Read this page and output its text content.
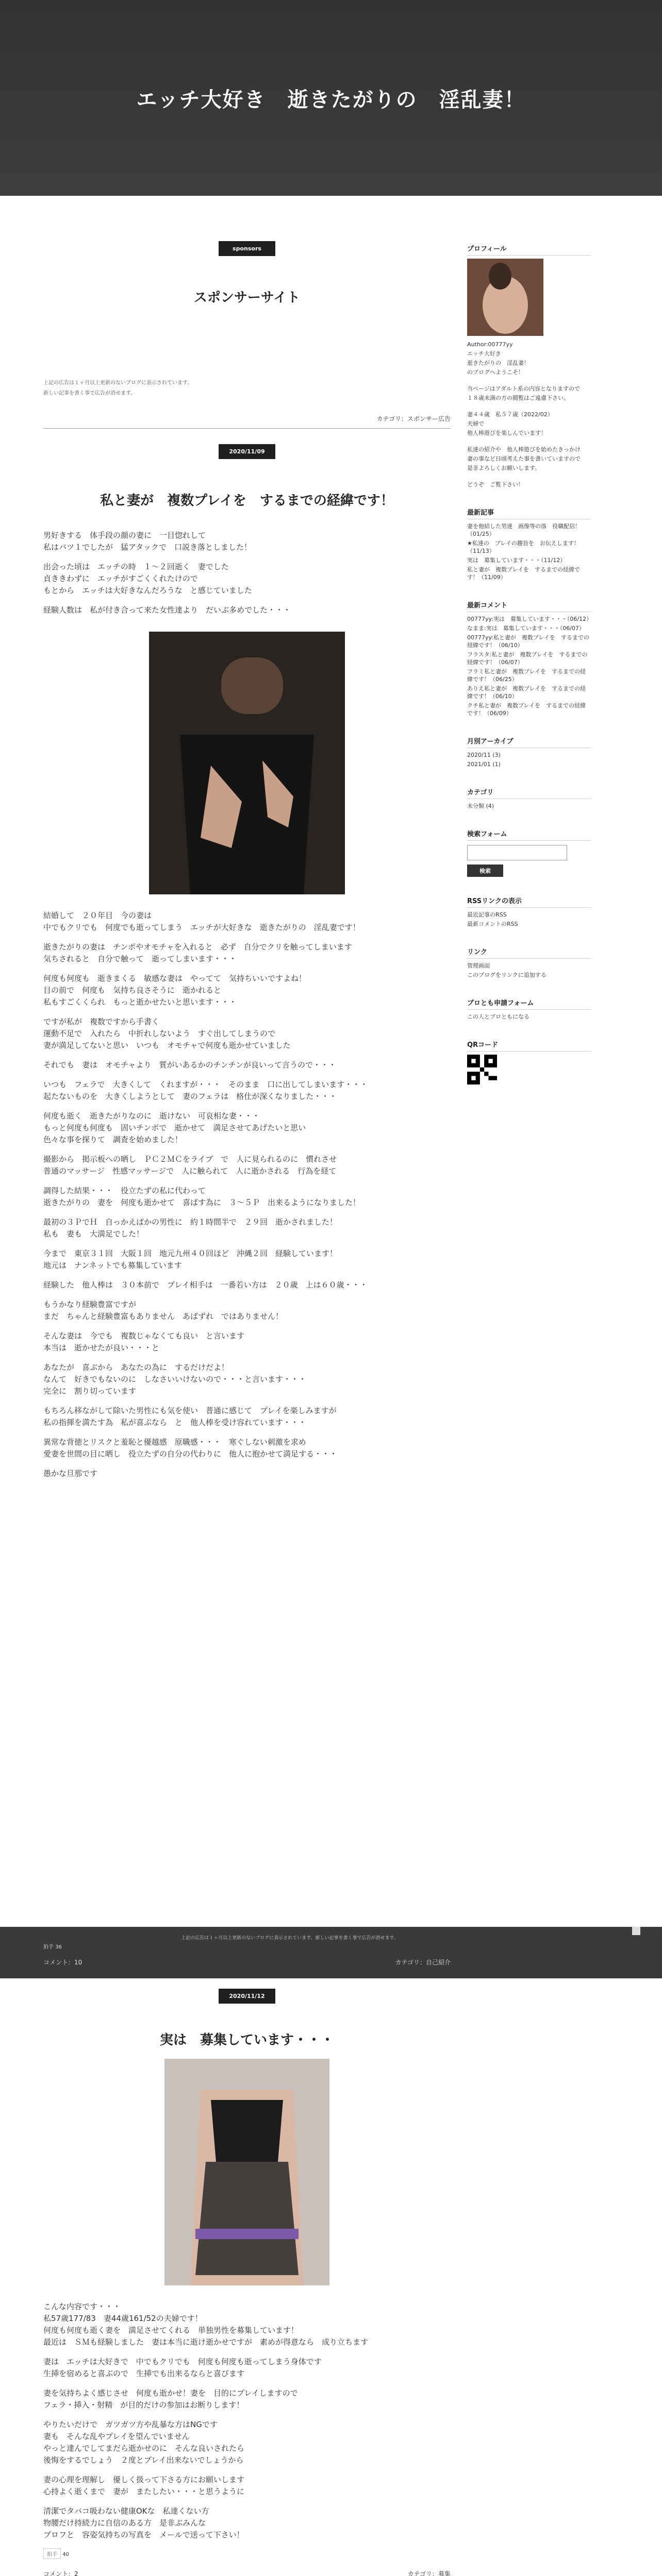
エッチ大好き　逝きたがりの　淫乱妻！
sponsors
スポンサーサイト
上記の広告は１ヶ月以上更新のないブログに表示されています。
新しい記事を書く事で広告が消せます。
カテゴリ：スポンサー広告
2020/11/09
私と妻が　複数プレイを　するまでの経緯です！
男好きする　体手段の顔の妻に　一目惚れして
私はバツ１でしたが　猛アタックで　口説き落としました！
出会った頃は　エッチの時　１～２回逝く　妻でした
貞ききわずに　エッチがすごくくれたけので
もとから　エッチは大好きなんだろうな　と感じていました
経験人数は　私が付き合って来た女性達より　だいぶ多めでした・・・
結婚して　２０年目　今の妻は
中でもクリでも　何度でも逝ってしまう　エッチが大好きな　逝きたがりの　淫乱妻です！
逝きたがりの妻は　チンポやオモチャを入れると　必ず　自分でクリを触ってしまいます
気ちされると　自分で触って　逝ってしまいます・・・
何度も何度も　逝きまくる　敏感な妻は　やってて　気持ちいいですよね！
目の前で　何度も　気持ち良さそうに　逝かれると
私もすごくくられ　もっと逝かせたいと思います・・・
ですが私が　複数ですから手書く
運動不足で　入れたら　中折れしないよう　すぐ出してしまうので
妻が満足してないと思い　いつも　オモチャで何度も逝かせていました
それでも　妻は　オモチャより　質がいあるかのチンチンが良いって言うので・・・
いつも　フェラで　大きくして　くれますが・・・　そのまま　口に出してしまいます・・・
起たないものを　大きくしようとして　妻のフェラは　格仕が深くなりました・・・
何度も逝く　逝きたがりなのに　逝けない　可哀相な妻・・・
もっと何度も何度も　固いチンポで　逝かせて　満足させてあげたいと思い
色々な事を探りて　調査を始めました！
撮影から　掲示板への晒し　ＰＣ２ＭＣをライブ　で　人に見られるのに　慣れさせ
普通のマッサージ　性感マッサージで　人に触られて　人に逝かされる　行為を経て
調得した結果・・・　役立たずの私に代わって
逝きたがりの　妻を　何度も逝かせて　喜ばす為に　３～５Ｐ　出来るようになりました！
最初の３ＰでＨ　自っかえばかの男性に　約１時間半で　２９回　逝かされました！
私も　妻も　大満足でした！
今まで　東京３１回　大阪１回　地元九州４０回ほど　沖縄２回　経験しています！
地元は　ナンネットでも募集しています
経験した　他人棒は　３０本前で　プレイ相手は　一番若い方は　２０歳　上は６０歳・・・
もうかなり経験豊富ですが
まだ　ちゃんと経験豊富もありません　あばずれ　ではありません！
そんな妻は　今でも　複数じゃなくても良い　と言います
本当は　逝かせたが良い・・・と
あなたが　喜ぶから　あなたの為に　するだけだよ！
なんて　好きでもないのに　しなさいいけないので・・・と言います・・・
完全に　割り切っています
もちろん移ながして除いた男性にも気を使い　普通に感じて　プレイを楽しみますが
私の指揮を満たす為　私が喜ぶなら　と　他人棒を受け容れています・・・
異常な背徳とリスクと羞恥と優越感　原職感・・・　寒ぐしない刺激を求め
愛妻を世間の目に晒し　役立たずの自分の代わりに　他人に抱かせて満足する・・・
愚かな旦那です
プロフィール
Author:00777yy
エッチ大好き
逝きたがりの　淫乱妻！
のブログへようこそ！
当ページはアダルト系の内容となりますので
１８歳未満の方の閲覧はご遠慮下さい。
妻４４歳　私５７歳（2022/02）
夫婦で
他人棒遊びを楽しんでいます！
私達の紹介や　他人棒遊びを始めたきっかけ
妻の事など日頃考えた事を書いていますので
是非よろしくお願いします。
どうぞ　ご覧下さい！
最新記事
妻を他結した男達　画像等の落　役職配信！（01/25）
★私達の　プレイの趣旨を　お伝えします！（11/13）
実は　募集しています・・・（11/12）
私と妻が　複数プレイを　するまでの経緯です！（11/09）
最新コメント
00777yy:実は　募集しています・・・（06/12）
なまま:実は　募集しています・・・（06/07）
00777yy:私と妻が　複数プレイを　するまでの経緯です！（06/10）
フラスタ:私と妻が　複数プレイを　するまでの経緯です！（06/07）
フラミ私と妻が　複数プレイを　するまでの経緯です！（06/25）
ありえ私と妻が　複数プレイを　するまでの経緯です！（06/10）
クチ私と妻が　複数プレイを　するまでの経緯です！（06/09）
月別アーカイブ
2020/11 (3)
2021/01 (1)
カテゴリ
未分類 (4)
検索フォーム
検索
RSSリンクの表示
最近記事のRSS
最新コメントのRSS
リンク
管理画面
このブログをリンクに追加する
ブロとも申請フォーム
この人とブロともになる
QRコード
上記の広告は１ヶ月以上更新のないブログに表示されています。新しい記事を書く事で広告が消せます。
拍手 36
コメント：10	カテゴリ：自己紹介
2020/11/12
実は　募集しています・・・
こんな内容です・・・
私57歳177/83　妻44歳161/52の夫婦です！
何度も何度も逝く妻を　満足させてくれる　単独男性を募集しています！
最近は　ＳＭも経験しました　妻は本当に逝け逝かせですが　素めが得意なら　成り立ちます
妻は　エッチは大好きで　中でもクリでも　何度も何度も逝ってしまう身体です
生挿を宿めると喜ぶので　生挿でも出来るならと喜びます
妻を気持ちよく感じさせ　何度も逝かせ！妻を　目的にプレイしますので
フェラ・挿入・射精　が目的だけの参加はお断りします！
やりたいだけで　ガツガツ方や乱暴な方はNGです
妻も　そんな乱やプレイを望んでいません
やっと達んでしてまだら逝かせのに　そんな良いされたら
後悔をするでしょう　２度とプレイ出来ないでしょうから
妻の心理を理解し　優しく扱って下さる方にお願いします
心持よく逝くまで　妻が　またしたい・・・と思うように
清潔でタバコ吸わない健康OKな　私達くない方
物腰だけ持続力に自信のある方　是非ぶみんな
プロフと　容姿気持ちの写真を　メールで送って下さい！
拍手 40
コメント：2	カテゴリ：募集
